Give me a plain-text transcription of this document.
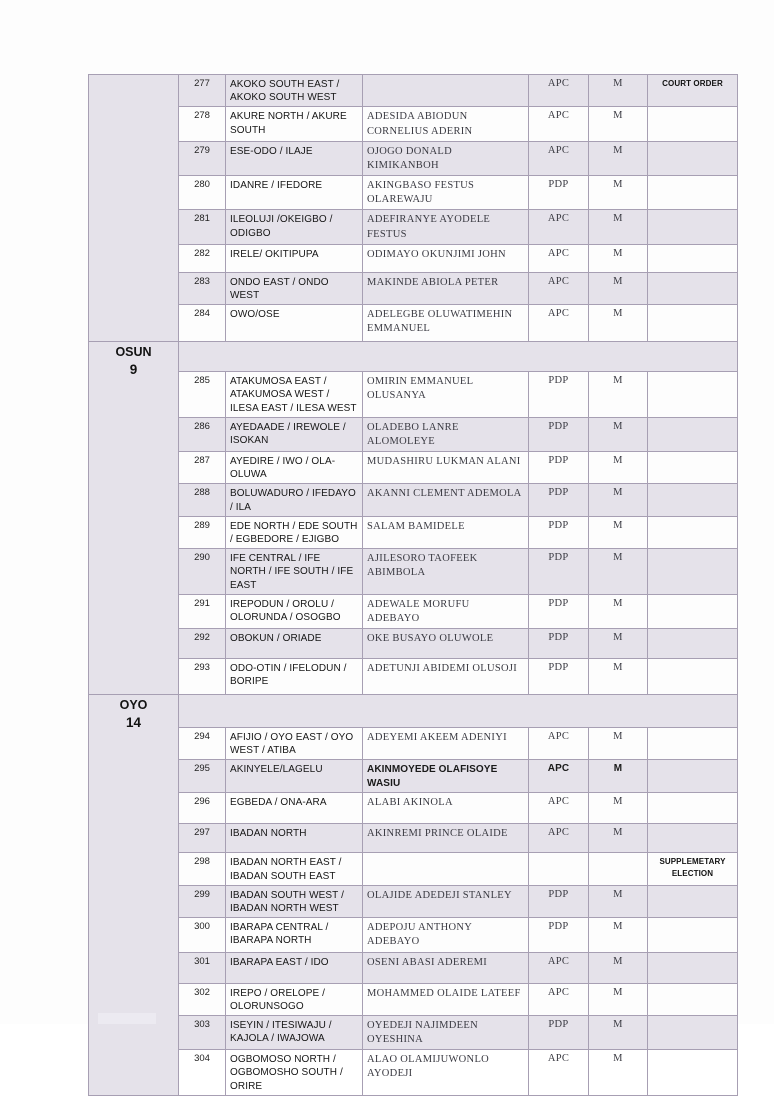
	277	AKOKO SOUTH EAST / AKOKO SOUTH WEST		APC	M	COURT ORDER
	278	AKURE NORTH / AKURE SOUTH	ADESIDA ABIODUN CORNELIUS ADERIN	APC	M	
	279	ESE-ODO / ILAJE	OJOGO DONALD KIMIKANBOH	APC	M	
	280	IDANRE / IFEDORE	AKINGBASO FESTUS OLAREWAJU	PDP	M	
	281	ILEOLUJI /OKEIGBO / ODIGBO	ADEFIRANYE AYODELE FESTUS	APC	M	
	282	IRELE/ OKITIPUPA	ODIMAYO OKUNJIMI JOHN	APC	M	
	283	ONDO EAST / ONDO WEST	MAKINDE ABIOLA PETER	APC	M	
	284	OWO/OSE	ADELEGBE OLUWATIMEHIN EMMANUEL	APC	M	

OSUN
9						

	285	ATAKUMOSA EAST / ATAKUMOSA WEST / ILESA EAST / ILESA WEST	OMIRIN EMMANUEL OLUSANYA	PDP	M	
	286	AYEDAADE / IREWOLE / ISOKAN	OLADEBO LANRE ALOMOLEYE	PDP	M	
	287	AYEDIRE / IWO / OLA-OLUWA	MUDASHIRU LUKMAN ALANI	PDP	M	
	288	BOLUWADURO / IFEDAYO / ILA	AKANNI CLEMENT ADEMOLA	PDP	M	
	289	EDE NORTH / EDE SOUTH / EGBEDORE / EJIGBO	SALAM BAMIDELE	PDP	M	
	290	IFE CENTRAL / IFE NORTH / IFE SOUTH / IFE EAST	AJILESORO TAOFEEK ABIMBOLA	PDP	M	
	291	IREPODUN / OROLU / OLORUNDA / OSOGBO	ADEWALE MORUFU ADEBAYO	PDP	M	
	292	OBOKUN / ORIADE	OKE BUSAYO OLUWOLE	PDP	M	
	293	ODO-OTIN / IFELODUN / BORIPE	ADETUNJI ABIDEMI OLUSOJI	PDP	M	

OYO
14						

	294	AFIJIO / OYO EAST / OYO WEST / ATIBA	ADEYEMI AKEEM ADENIYI	APC	M	
	295	AKINYELE/LAGELU	AKINMOYEDE OLAFISOYE WASIU	APC	M	
	296	EGBEDA / ONA-ARA	ALABI AKINOLA	APC	M	
	297	IBADAN NORTH	AKINREMI PRINCE OLAIDE	APC	M	
	298	IBADAN NORTH EAST / IBADAN SOUTH EAST				SUPPLEMETARY ELECTION
	299	IBADAN SOUTH WEST / IBADAN NORTH WEST	OLAJIDE ADEDEJI STANLEY	PDP	M	
	300	IBARAPA CENTRAL / IBARAPA NORTH	ADEPOJU ANTHONY ADEBAYO	PDP	M	
	301	IBARAPA EAST / IDO	OSENI ABASI ADEREMI	APC	M	
	302	IREPO / ORELOPE / OLORUNSOGO	MOHAMMED OLAIDE LATEEF	APC	M	
	303	ISEYIN / ITESIWAJU / KAJOLA / IWAJOWA	OYEDEJI NAJIMDEEN OYESHINA	PDP	M	
	304	OGBOMOSO NORTH / OGBOMOSHO SOUTH / ORIRE	ALAO OLAMIJUWONLO AYODEJI	APC	M	
